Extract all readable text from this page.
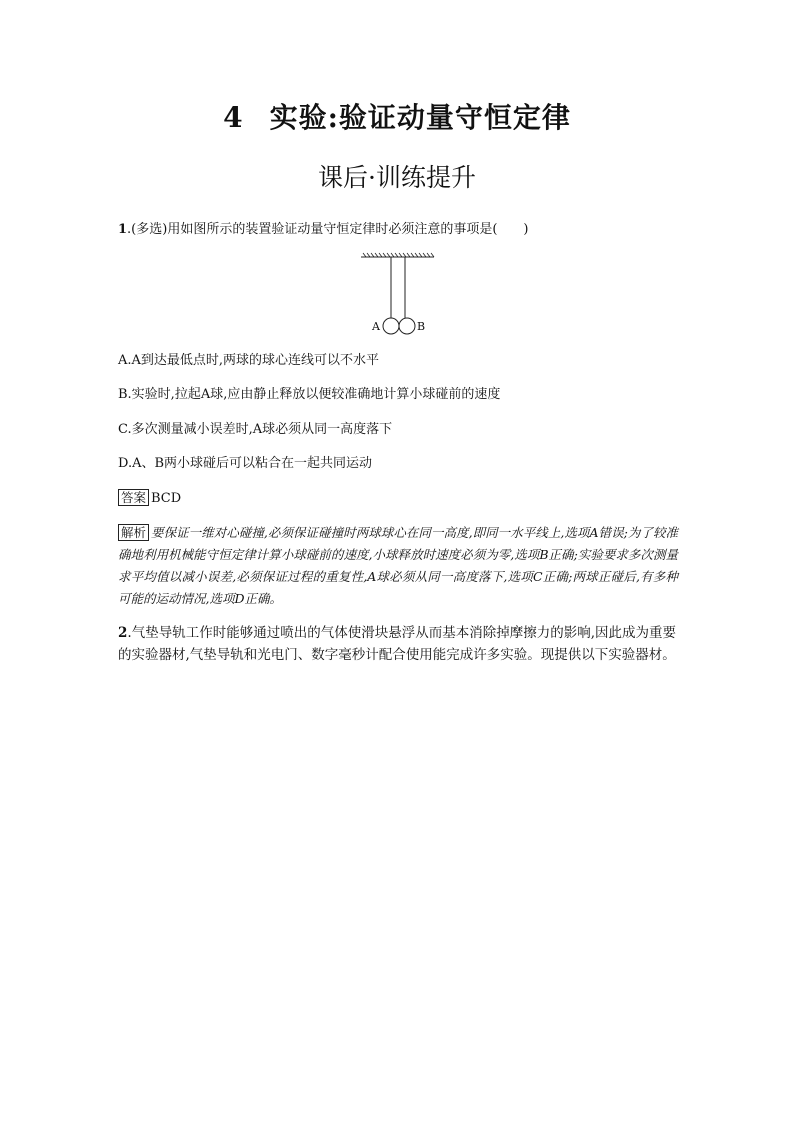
4 实验:验证动量守恒定律
课后·训练提升
1.(多选)用如图所示的装置验证动量守恒定律时必须注意的事项是(　　)
A	B
A.A到达最低点时,两球的球心连线可以不水平
B.实验时,拉起A球,应由静止释放以便较准确地计算小球碰前的速度
C.多次测量减小误差时,A球必须从同一高度落下
D.A、B两小球碰后可以粘合在一起共同运动
答案 BCD
解析 要保证一维对心碰撞,必须保证碰撞时两球球心在同一高度,即同一水平线上,选项A错误;为了较准确地利用机械能守恒定律计算小球碰前的速度,小球释放时速度必须为零,选项B正确;实验要求多次测量求平均值以减小误差,必须保证过程的重复性,A球必须从同一高度落下,选项C正确;两球正碰后,有多种可能的运动情况,选项D正确。
2.气垫导轨工作时能够通过喷出的气体使滑块悬浮从而基本消除掉摩擦力的影响,因此成为重要的实验器材,气垫导轨和光电门、数字毫秒计配合使用能完成许多实验。现提供以下实验器材。
